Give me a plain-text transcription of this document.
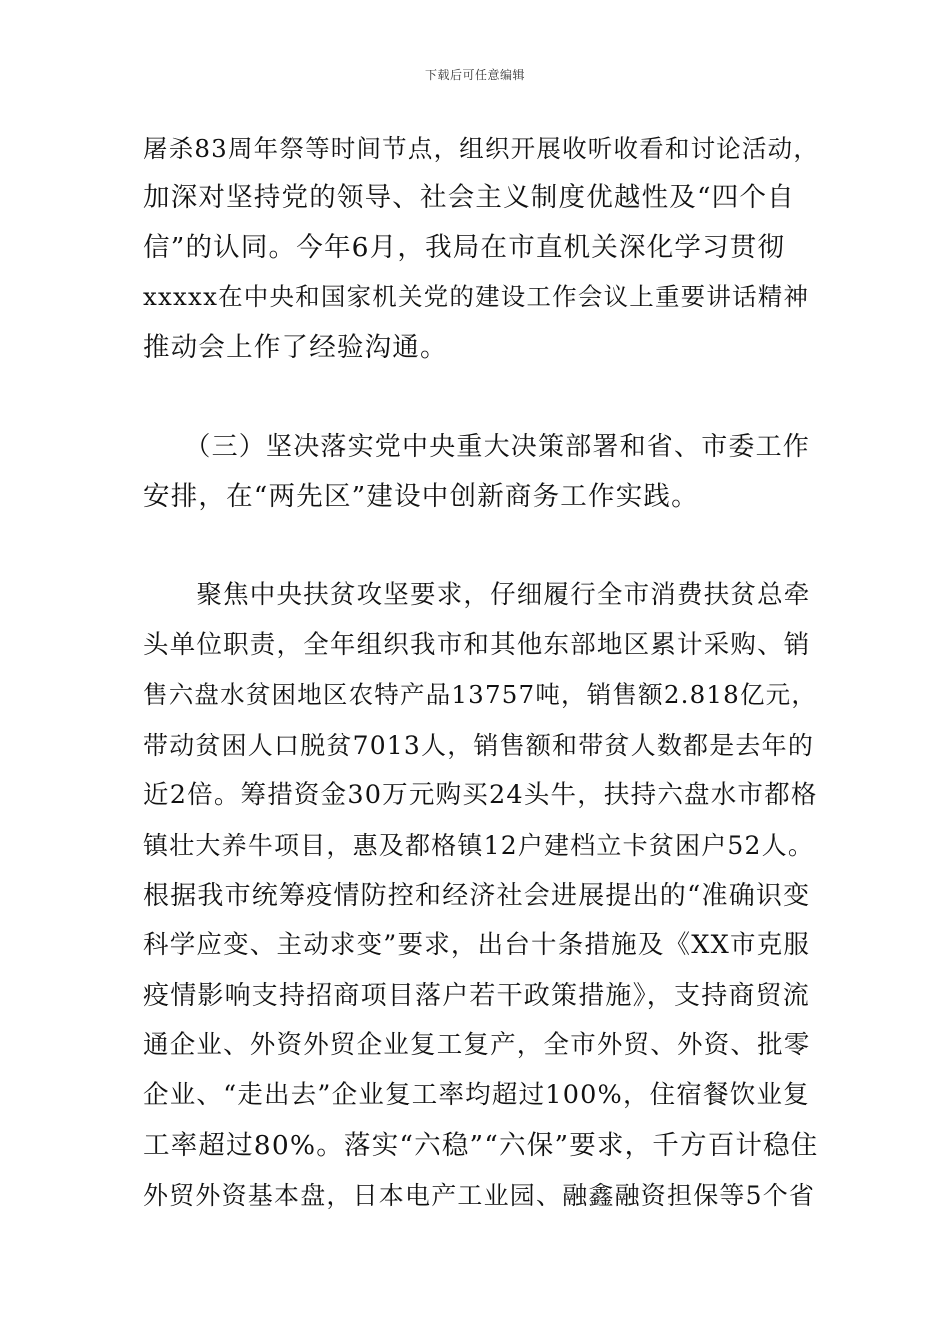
下载后可任意编辑
屠杀83周年祭等时间节点，组织开展收听收看和讨论活动，
加深对坚持党的领导、社会主义制度优越性及“四个自
信”的认同。今年6月，我局在市直机关深化学习贯彻
xxxxx在中央和国家机关党的建设工作会议上重要讲话精神
推动会上作了经验沟通。
　　（三）坚决落实党中央重大决策部署和省、市委工作
安排，在“两先区”建设中创新商务工作实践。
　　聚焦中央扶贫攻坚要求，仔细履行全市消费扶贫总牵
头单位职责，全年组织我市和其他东部地区累计采购、销
售六盘水贫困地区农特产品13757吨，销售额2.818亿元，
带动贫困人口脱贫7013人，销售额和带贫人数都是去年的
近2倍。筹措资金30万元购买24头牛，扶持六盘水市都格
镇壮大养牛项目，惠及都格镇12户建档立卡贫困户52人。
根据我市统筹疫情防控和经济社会进展提出的“准确识变
科学应变、主动求变”要求，出台十条措施及《XX市克服
疫情影响支持招商项目落户若干政策措施》，支持商贸流
通企业、外资外贸企业复工复产，全市外贸、外资、批零
企业、“走出去”企业复工率均超过100%，住宿餐饮业复
工率超过80%。落实“六稳”“六保”要求，千方百计稳住
外贸外资基本盘，日本电产工业园、融鑫融资担保等5个省
